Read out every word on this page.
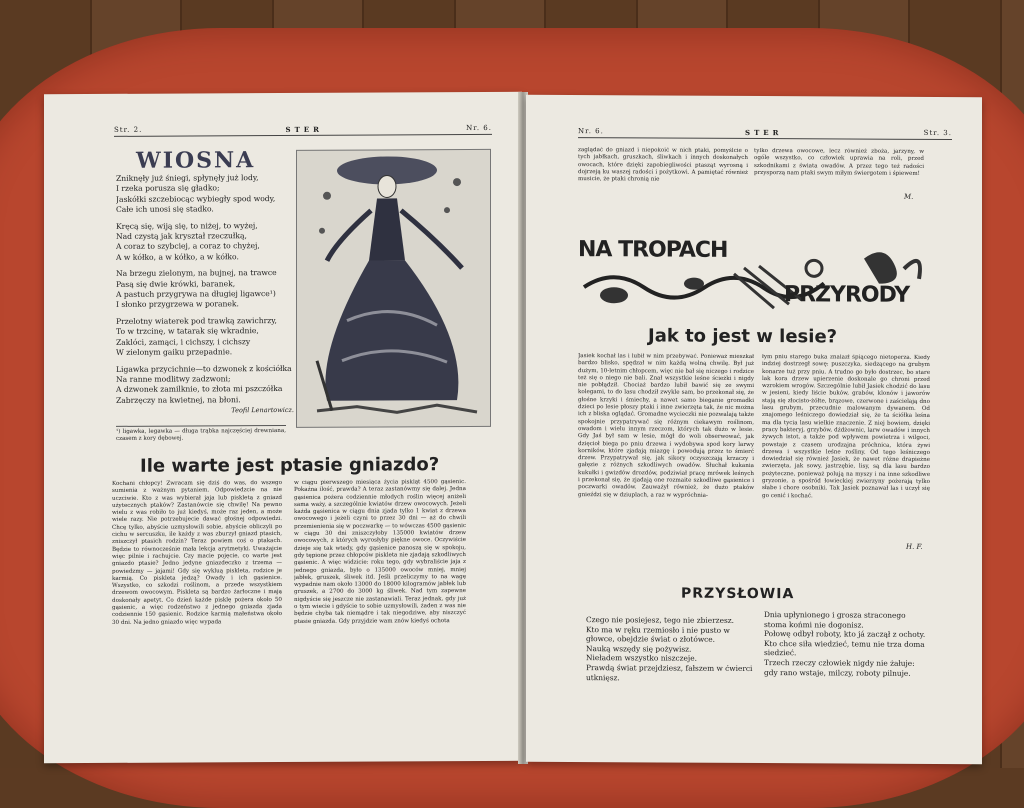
Str. 2.	STER	Nr. 6.
WIOSNA
Zniknęły już śniegi, spłynęły już lody,
I rzeka porusza się gładko;
Jaskółki szczebiocąc wybiegły spod wody,
Całe ich unosi się stadko.
Kręcą się, wiją się, to niżej, to wyżej,
Nad czystą jak kryształ rzeczułką,
A coraz to szybciej, a coraz to chyżej,
A w kółko, a w kółko, a w kółko.
Na brzegu zielonym, na bujnej, na trawce
Pasą się dwie krówki, baranek,
A pastuch przygrywa na długiej ligawce¹)
I słonko przygrzewa w poranek.
Przelotny wiaterek pod trawką zawichrzy,
To w trzcinę, w tatarak się wkradnie,
Zaklóci, zamąci, i cichszy, i cichszy
W zielonym gaiku przepadnie.
Ligawka przycichnie—to dzwonek z kościółka
Na ranne modlitwy zadzwoni;
A dzwonek zamilknie, to złota mi pszczółka
Zabrzęczy na kwietnej, na błoni.
Teofil Lenartowicz.
¹) ligawka, legawka — długa trąbka najczęściej drewniana, czasem z kory dębowej.
Ile warte jest ptasie gniazdo?
Kochani chłopcy! Zwracam się dziś do was, do wszego sumienia z ważnym pytaniem. Odpowiedzcie na nie uczciwie. Kto z was wybierał jaja lub piskletą z gniazd użytecznych ptaków? Zastanówcie się chwilę! Na pewno wielu z was robiło to już kiedyś, może raz jeden, a może wiele razy. Nie potrzebujecie dawać głośnej odpowiedzi. Chcę tylko, abyście uzmysłowili sobie, abyście obliczyli po cichu w sercuszku, ile każdy z was zburzył gniazd ptasich, zniszczył ptasich rodzin? Teraz powiem coś o ptakach. Będzie to równocześnie mała lekcja arytmetyki. Uważajcie więc pilnie i rachujcie. Czy macie pojęcie, co warte jest gniazdo ptasie? Jedno jedyne gniazdeczko z trzema — powiedzmy — jajami! Gdy się wykluą piskleta, rodzice je karmią. Co piskleta jedzą? Owady i ich gąsienice. Wszystko, co szkodzi roślinom, a przede wszystkiem drzewom owocowym. Piskleta są bardzo żarłoczne i mają doskonały apetyt. Co dzień każde pisklę pożera około 50 gąsienic, a więc rodzeństwo z jednego gniazda zjada codziennie 150 gąsienic. Rodzice karmią małeństwa około 30 dni. Na jedno gniazdo więc wypada
w ciągu pierwszego miesiąca życia piskląt 4500 gąsienic. Pokaźna ilość, prawda? A teraz zastanówmy się dalej. Jedna gąsienica pożera codziennie młodych roślin więcej aniżeli sama waży, a szczególnie kwiatów drzew owocowych. Jeżeli każda gąsienica w ciągu dnia zjada tylko 1 kwiat z drzewa owocowego i jeżeli czyni to przez 30 dni — aż do chwili przemienienia się w poczwarkę — to wówczas 4500 gąsienic w ciągu 30 dni zniszczyłoby 135000 kwiatów drzew owocowych, z których wyrosłyby piękne owoce. Oczywiście dzieje się tak wtedy, gdy gąsienice panoszą się w spokoju, gdy tępione przez chłopców piskleta nie zjadają szkodliwych gąsienic. A więc widzicie: roku tego, gdy wybraliście jaja z jednego gniazda, było o 135000 owoców mniej, mniej jabłek, gruszek, śliwek itd. Jeśli przeliczymy to na wagę wypadnie nam około 13000 do 18000 kilogramów jabłek lub gruszek, a 2700 do 3000 kg śliwek. Nad tym zapewne nigdyście się jeszcze nie zastanawiali. Teraz jednak, gdy już o tym wiecie i gdyście to sobie uzmysłowili, żaden z was nie będzie chyba tak niemądre i tak niegodziwe, aby niszczyć ptasie gniazda. Gdy przyjdzie wam znów kiedyś ochota
Nr. 6.	STER	Str. 3.
zaglądać do gniazd i niepokoić w nich ptaki, pomyślcie o tych jabłkach, gruszkach, śliwkach i innych doskonałych owocach, które dzięki zapobiegliwości ptasząt wyrosną i dojrzeją ku waszej radości i pożytkowi. A pamiętać również musicie, że ptaki chronią nie
tylko drzewa owocowe, lecz również zboża, jarzyny, w ogóle wszystko, co człowiek uprawia na roli, przed szkodnikami z świata owadów. A przez tego też radości przysporzą nam ptaki swym miłym świergotem i śpiewem!
M.
NA TROPACH
PRZYRODY
Jak to jest w lesie?
Jasiek kochał las i lubił w nim przebywać. Ponieważ mieszkał bardzo blisko, spędzał w nim każdą wolną chwilę. Był już dużym, 10-letnim chłopcem, więc nie bał się niczego i rodzice też się o niego nie bali. Znał wszystkie leśne ścieżki i nigdy nie pobłądził. Chociaż bardzo lubił bawić się ze swymi kolegami, to do lasu chodził zwykle sam, bo przekonał się, że głośne krzyki i śmiechy, a nawet samo bieganie gromadki dzieci po lesie płoszy ptaki i inne zwierzęta tak, że nic można ich z bliska oglądać. Gromadne wycieczki nie pozwalają także spokojnie przypatrywać się różnym ciekawym roślinom, owadom i wielu innym rzeczom, których tak dużo w lesie. Gdy Jaś był sam w lesie, mógł do woli obserwować, jak dzięcioł biega po pniu drzewa i wydobywa spod kory larwy korników, które zjadają miazgę i powodują przez to śmierć drzew. Przypatrywał się, jak sikory oczyszczają krzaczy i gałęzie z różnych szkodliwych owadów. Słuchał kukania kukułki i gwizdów drozdów, podziwiał pracę mrówek leśnych i przekonał się, że zjadają one rozmaite szkodliwe gąsienice i poczwarki owadów. Zauważył również, że dużo ptaków gnieździ się w dziuplach, a raz w wypróchnia-
łym pniu starego buka znalazł śpiącego nietoperza. Kiedy indziej dostrzegł sowę: puszczyka, siedzącego na grubym konarze tuż przy pniu. A trudno go było dostrzec, bo stare lak kora drzew upierzenie doskonale go chroni przed wzrokiem wrogów. Szczególnie lubił Jasiek chodzić do lasu w jesieni, kiedy liście buków, grabów, klonów i jaworów stają się złocisto-żółte, brązowe, czerwone i zaścielają dno lasu grubym, przecudnie malowanym dywanem. Od znajomego leśniczego dowiedział się, że ta ściółka leśna ma dla tycia lasu wielkie znaczenie. Z niej bowiem, dzięki pracy bakteryj, grzybów, dżdżownic, larw owadów i innych żywych istot, a także pod wpływem powietrza i wilgoci, powstaje z czasem urodzajna próchnica, która żywi drzewa i wszystkie leśne rośliny. Od tego leśniczego dowiedział się również Jasiek, że nawet różne drapieżne zwierzęta, jak sowy, jastrzębie, lisy, są dla lasu bardzo pożyteczne, ponieważ polują na myszy i na inne szkodliwe gryzonie, a spośród łowieckiej zwierzyny pożerają tylko słabe i chore osobniki. Tak Jasiek poznawał las i uczył się go cenić i kochać.
H. F.
PRZYSŁOWIA
Czego nie posiejesz, tego nie zbierzesz.
Kto ma w ręku rzemiosło i nie pusto w głowce, obejdzie świat o złotówce.
Nauką wszędy się pożywisz.
Nieładem wszystko niszczeje.
Prawdą świat przejdziesz, fałszem w ćwierci utknięsz.
Dnia upłynionego i grosza straconego stoma końmi nie dogonisz.
Połowę odbył roboty, kto já zaczął z ochoty.
Kto chce siła wiedzieć, temu nie trza doma siedzieć.
Trzech rzeczy człowiek nigdy nie żałuje: gdy rano wstaje, milczy, roboty pilnuje.
